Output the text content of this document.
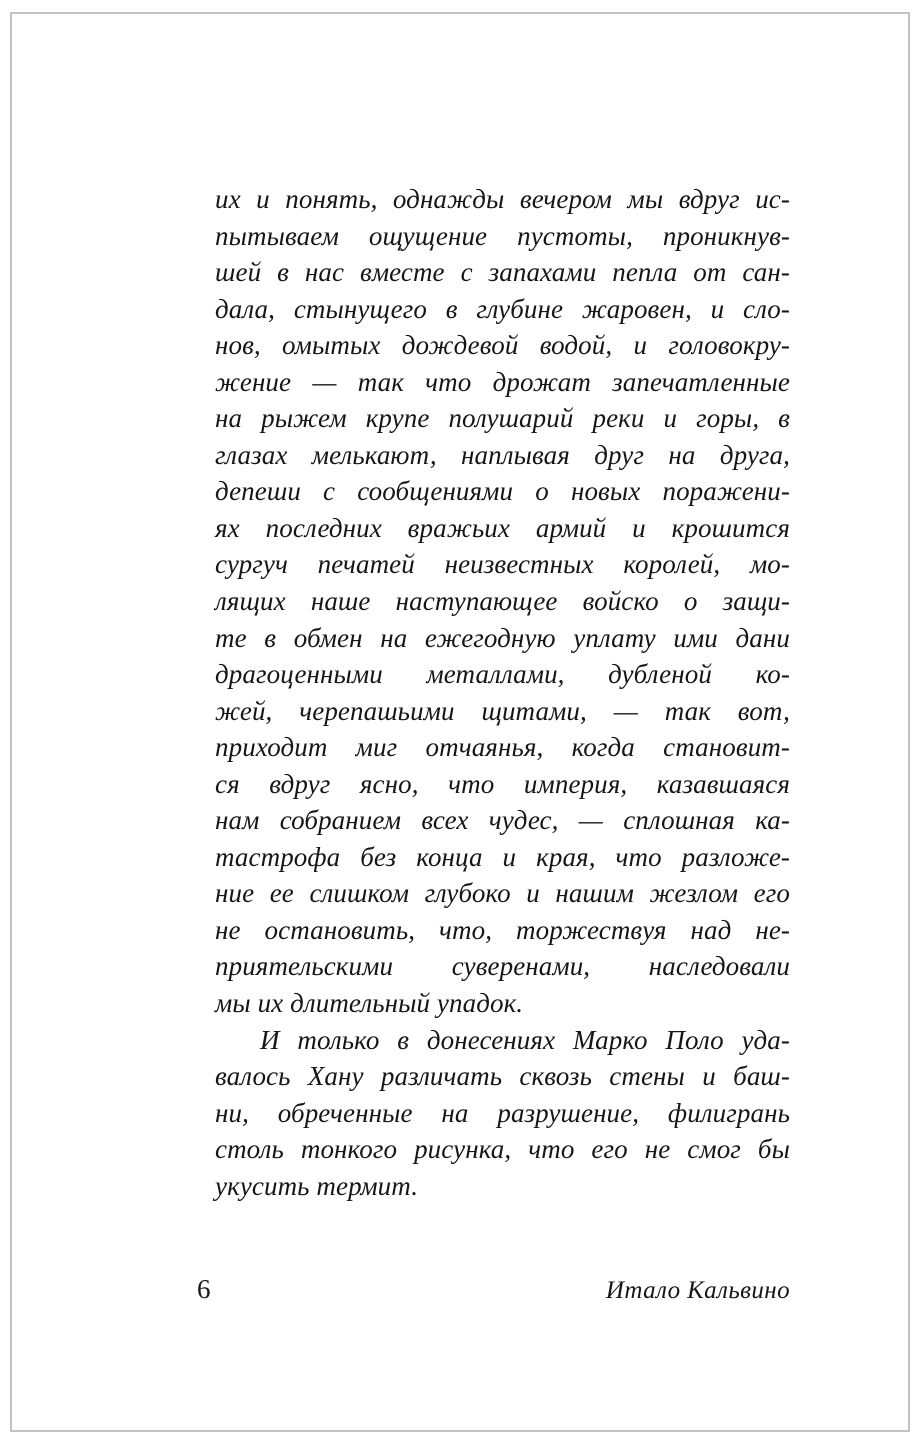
их и понять, однажды вечером мы вдруг ис-
пытываем ощущение пустоты, проникнув-
шей в нас вместе с запахами пепла от сан-
дала, стынущего в глубине жаровен, и сло-
нов, омытых дождевой водой, и головокру-
жение — так что дрожат запечатленные
на рыжем крупе полушарий реки и горы, в
глазах мелькают, наплывая друг на друга,
депеши с сообщениями о новых поражени-
ях последних вражьих армий и крошится
сургуч печатей неизвестных королей, мо-
лящих наше наступающее войско о защи-
те в обмен на ежегодную уплату ими дани
драгоценными металлами, дубленой ко-
жей, черепашьими щитами, — так вот,
приходит миг отчаянья, когда становит-
ся вдруг ясно, что империя, казавшаяся
нам собранием всех чудес, — сплошная ка-
тастрофа без конца и края, что разложе-
ние ее слишком глубоко и нашим жезлом его
не остановить, что, торжествуя над не-
приятельскими суверенами, наследовали
мы их длительный упадок.
И только в донесениях Марко Поло уда-
валось Хану различать сквозь стены и баш-
ни, обреченные на разрушение, филигрань
столь тонкого рисунка, что его не смог бы
укусить термит.
6	Итало Кальвино
